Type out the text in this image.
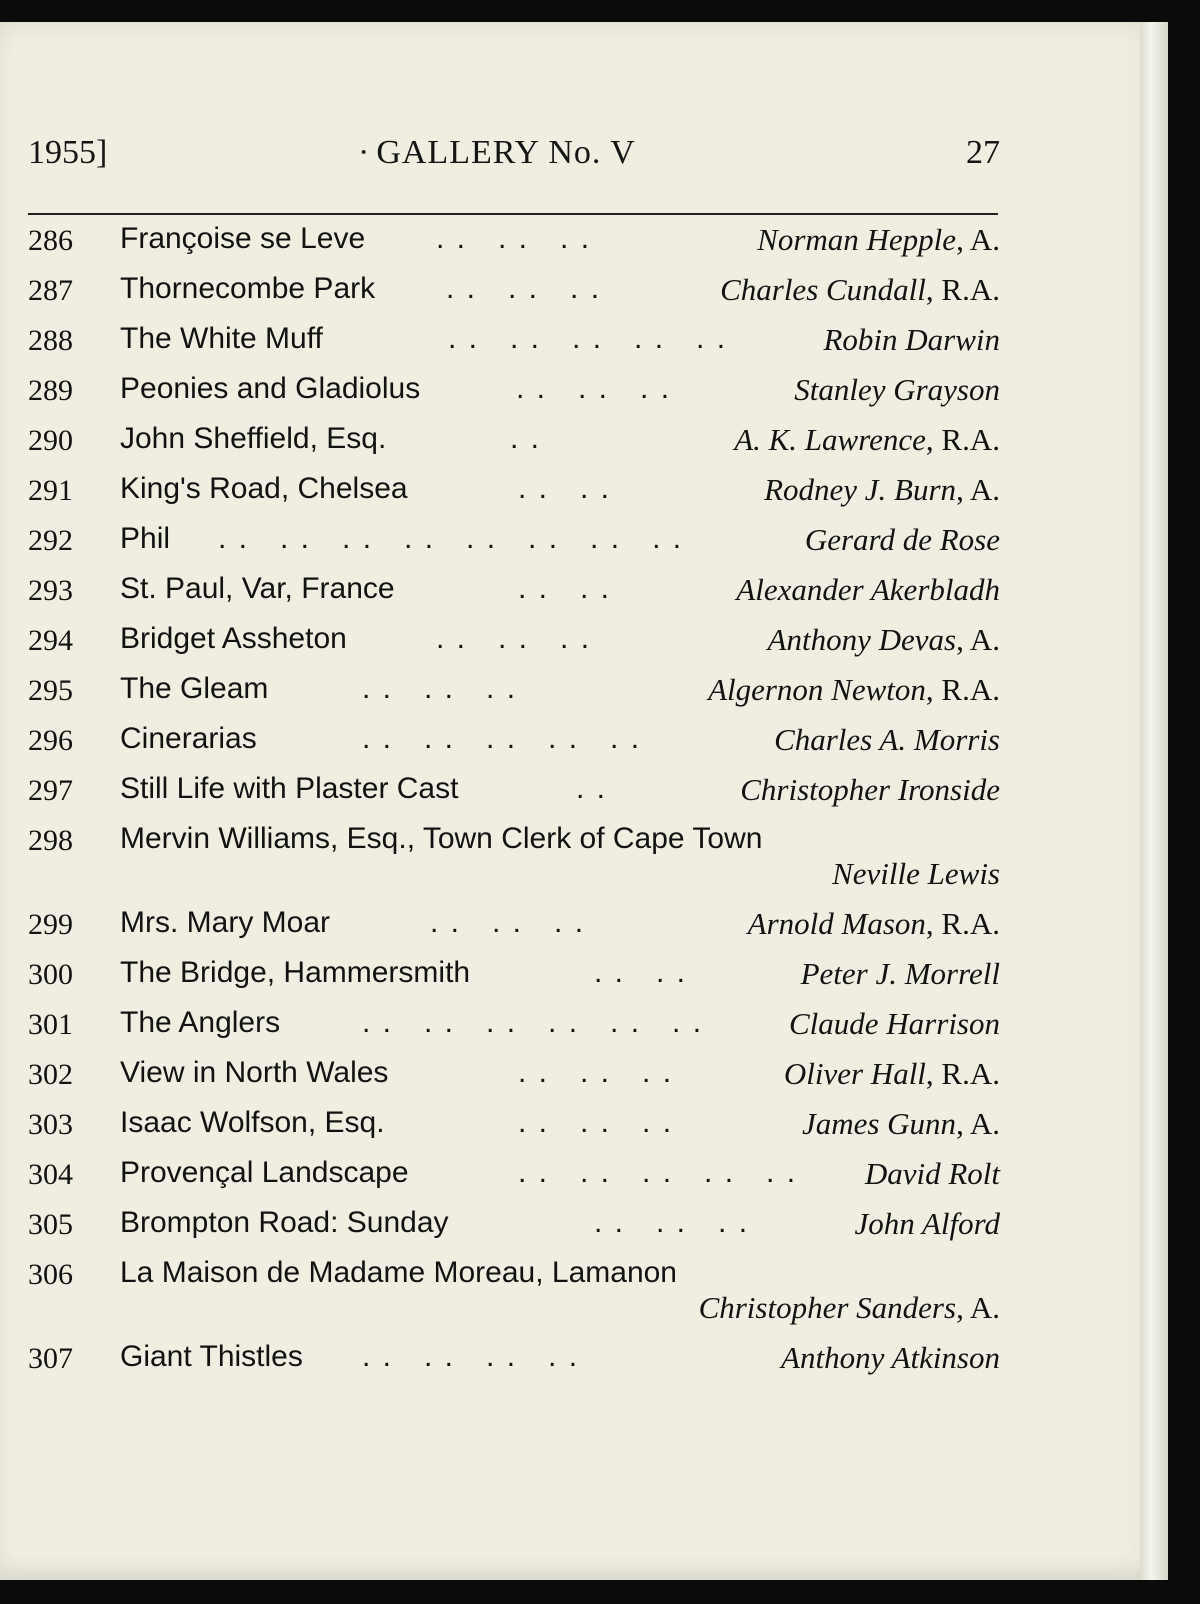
1955]
·	GALLERY No. V	27
286 Françoise se Leve . .   . .   . .	Norman Hepple, A.
287 Thornecombe Park . .   . .   . .	Charles Cundall, R.A.
288 The White Muff	. .   . .   . .   . .   . .	Robin Darwin
289 Peonies and Gladiolus	. .   . .   . .	Stanley Grayson
290 John Sheffield, Esq.	. .	A. K. Lawrence, R.A.
291 King's Road, Chelsea	. .   . .	Rodney J. Burn, A.
292 Phil . .   . .   . .   . .   . .   . .   . .   . .	Gerard de Rose
293 St. Paul, Var, France	. .   . .	Alexander Akerbladh
294 Bridget Assheton	. .   . .   . .	Anthony Devas, A.
295 The Gleam	. .   . .   . .	Algernon Newton, R.A.
296 Cinerarias	. .   . .   . .   . .   . .	Charles A. Morris
297 Still Life with Plaster Cast	. .	Christopher Ironside
298 Mervin Williams, Esq., Town Clerk of Cape Town
Neville Lewis
299 Mrs. Mary Moar	. .   . .   . .	Arnold Mason, R.A.
300 The Bridge, Hammersmith	. .   . .	Peter J. Morrell
301 The Anglers	. .   . .   . .   . .   . .   . .	Claude Harrison
302 View in North Wales	. .   . .   . .	Oliver Hall, R.A.
303 Isaac Wolfson, Esq.	. .   . .   . .	James Gunn, A.
304 Provençal Landscape	. .   . .   . .   . .   . . David Rolt
305 Brompton Road: Sunday	. .   . .   . .	John Alford
306 La Maison de Madame Moreau, Lamanon
Christopher Sanders, A.
307 Giant Thistles . .   . .   . .   . .	Anthony Atkinson
